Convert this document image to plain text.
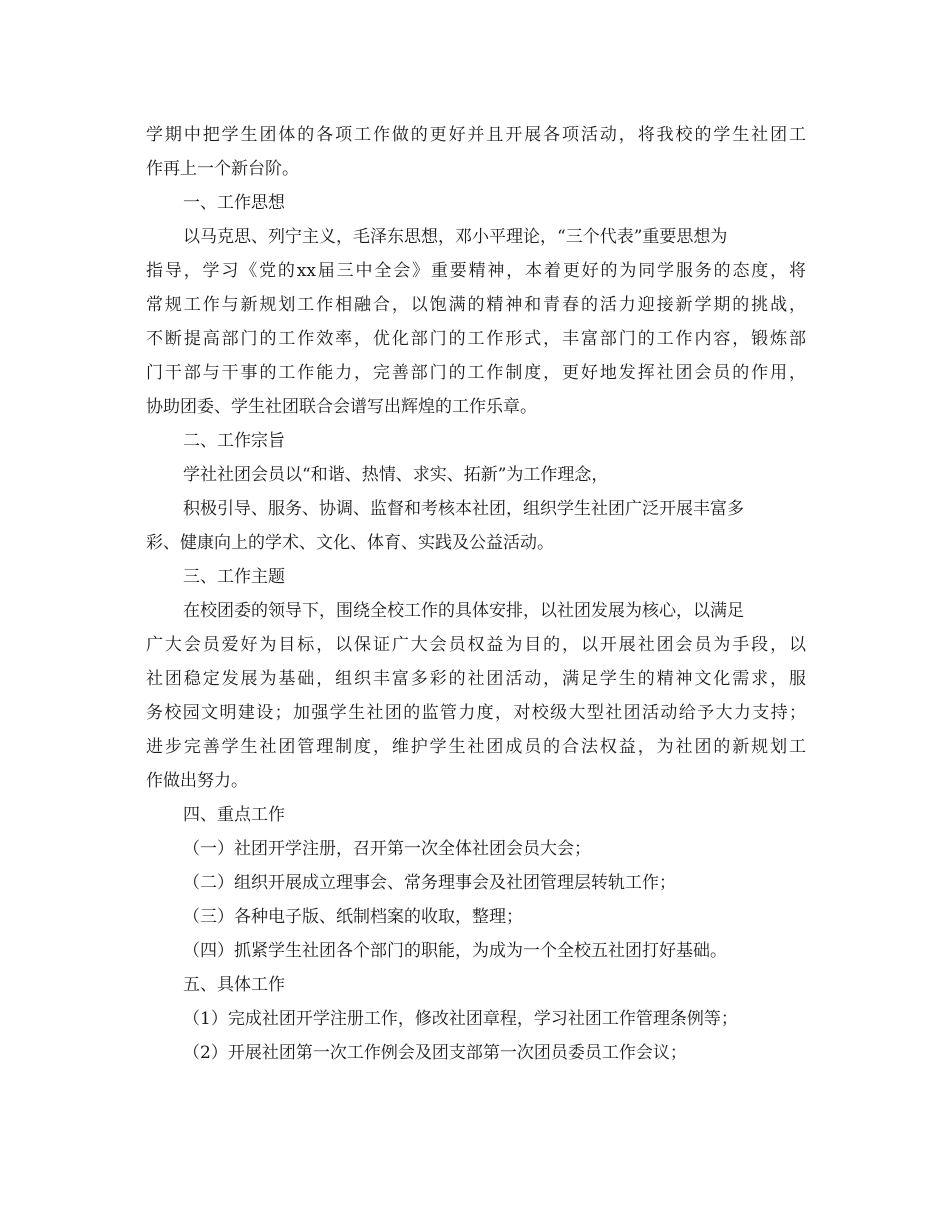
学期中把学生团体的各项工作做的更好并且开展各项活动，将我校的学生社团工
作再上一个新台阶。
一、工作思想
以马克思、列宁主义，毛泽东思想，邓小平理论，“三个代表”重要思想为
指导，学习《党的xx届三中全会》重要精神，本着更好的为同学服务的态度，将
常规工作与新规划工作相融合，以饱满的精神和青春的活力迎接新学期的挑战，
不断提高部门的工作效率，优化部门的工作形式，丰富部门的工作内容，锻炼部
门干部与干事的工作能力，完善部门的工作制度，更好地发挥社团会员的作用，
协助团委、学生社团联合会谱写出辉煌的工作乐章。
二、工作宗旨
学社社团会员以“和谐、热情、求实、拓新”为工作理念，
积极引导、服务、协调、监督和考核本社团，组织学生社团广泛开展丰富多
彩、健康向上的学术、文化、体育、实践及公益活动。
三、工作主题
在校团委的领导下，围绕全校工作的具体安排，以社团发展为核心，以满足
广大会员爱好为目标，以保证广大会员权益为目的，以开展社团会员为手段，以
社团稳定发展为基础，组织丰富多彩的社团活动，满足学生的精神文化需求，服
务校园文明建设；加强学生社团的监管力度，对校级大型社团活动给予大力支持；
进步完善学生社团管理制度，维护学生社团成员的合法权益，为社团的新规划工
作做出努力。
四、重点工作
（一）社团开学注册，召开第一次全体社团会员大会；
（二）组织开展成立理事会、常务理事会及社团管理层转轨工作；
（三）各种电子版、纸制档案的收取，整理；
（四）抓紧学生社团各个部门的职能，为成为一个全校五社团打好基础。
五、具体工作
（1）完成社团开学注册工作，修改社团章程，学习社团工作管理条例等；
（2）开展社团第一次工作例会及团支部第一次团员委员工作会议；
